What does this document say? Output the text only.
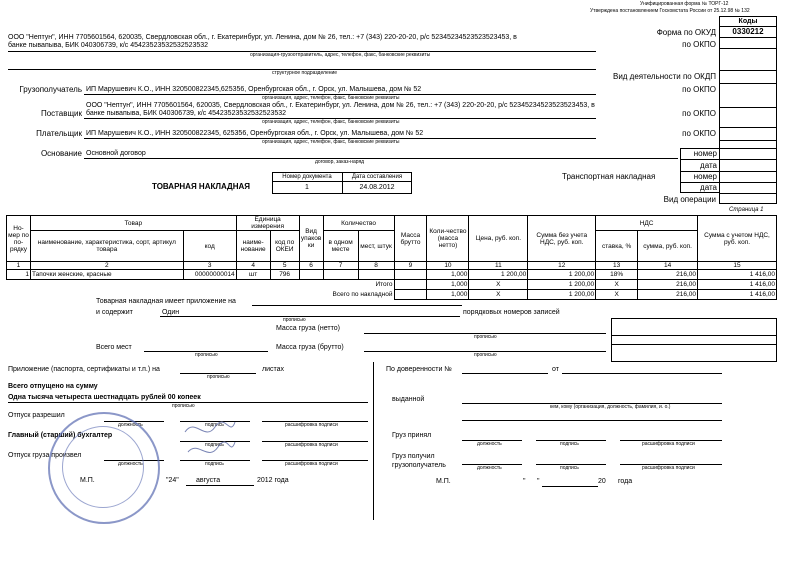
Унифицированная форма № ТОРГ-12
Утверждена постановлением Госкомстата России от 25.12.98 № 132
Коды
0330212
Форма по ОКУД
по ОКПО
Вид деятельности по ОКДП
по ОКПО
по ОКПО
по ОКПО
ООО "Нептун", ИНН 7705601564, 620035, Свердловская обл., г. Екатеринбург, ул. Ленина, дом № 26, тел.: +7 (343) 220-20-20, р/с 52345234523523523453, в
банке пывапыва, БИК 040306739, к/с 45423523532532523532
организация-грузоотправитель, адрес, телефон, факс, банковские реквизиты
структурное подразделение
Грузополучатель ИП Марушевич К.О., ИНН 320500822345,625356, Оренбургская обл., г. Орск, ул. Малышева, дом № 52
организация, адрес, телефон, факс, банковские реквизиты
ООО "Нептун", ИНН 7705601564, 620035, Свердловская обл., г. Екатеринбург, ул. Ленина, дом № 26, тел.: +7 (343) 220-20-20, р/с 52345234523523523453, в
Поставщик банке пывапыва, БИК 040306739, к/с 45423523532532523532
организация, адрес, телефон, факс, банковские реквизиты
Плательщик ИП Марушевич К.О., ИНН 320500822345, 625356, Оренбургская обл., г. Орск, ул. Малышева, дом № 52
организация, адрес, телефон, факс, банковские реквизиты
Основание Основной договор
договор, заказ-наряд
номер
дата
номер
дата
Вид операции
Транспортная накладная
ТОВАРНАЯ НАКЛАДНАЯ
Номер документа	Дата составления
1	24.08.2012
Страница 1
Но-мер по по-рядку	Товар		Единица измерения		Вид упаков ки	Количество		Масса брутто	Коли-чество (масса нетто)	Цена, руб. коп.	Сумма без учета НДС, руб. коп.	НДС		Сумма с учетом НДС, руб. коп.
	наименование, характеристика, сорт, артикул товара	код	наиме-нование	код по ОКЕИ		в одном месте	мест, штук					ставка, %	сумма, руб. коп.	
1	2	3	4	5	6	7	8	9	10	11	12	13	14	15
1	Тапочки женские, красные	00000000014	шт	796					1,000	1 200,00	1 200,00	18%	216,00	1 416,00
Итого									1,000	X	1 200,00	X	216,00	1 416,00
Всего по накладной									1,000	X	1 200,00	X	216,00	1 416,00
Товарная накладная имеет приложение на
и содержит	Один
прописью
порядковых номеров записей
Масса груза (нетто)
прописью
Всего мест
прописью
Масса груза (брутто)
прописью
Приложение (паспорта, сертификаты и т.п.) на
прописью
листах
Всего отпущено на сумму
Одна тысяча четыреста шестнадцать рублей 00 копеек
прописью
Отпуск разрешил
должность	подпись	расшифровка подписи
Главный (старший) бухгалтер
подпись	расшифровка подписи
Отпуск груза произвел
должность	подпись	расшифровка подписи
М.П.	"24" августа	2012 года
По доверенности №	от
выданной
кем, кому (организация, должность, фамилия, и. о.)
Груз принял
должность	подпись	расшифровка подписи
Груз получил грузополучатель	должность	подпись	расшифровка подписи
М.П.	" "	20 года
